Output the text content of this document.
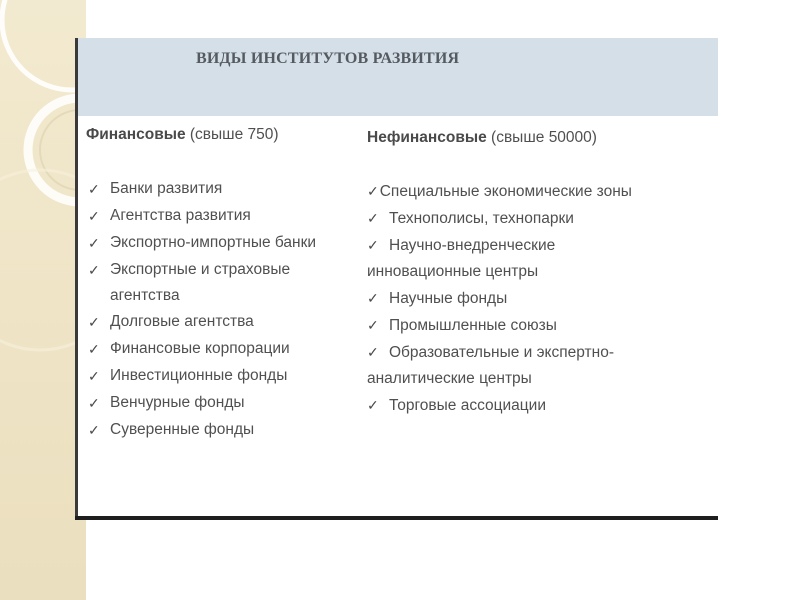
ВИДЫ ИНСТИТУТОВ РАЗВИТИЯ
Финансовые (свыше 750)
✓ Банки развития
✓ Агентства развития
✓ Экспортно-импортные банки
✓ Экспортные и страховые
агентства
✓ Долговые агентства
✓ Финансовые корпорации
✓ Инвестиционные фонды
✓ Венчурные фонды
✓ Суверенные фонды
Нефинансовые (свыше 50000)
✓Специальные экономические зоны
✓ Технополисы, технопарки
✓ Научно-внедренческие
инновационные центры
✓ Научные фонды
✓ Промышленные союзы
✓ Образовательные и экспертно-
аналитические центры
✓ Торговые ассоциации
